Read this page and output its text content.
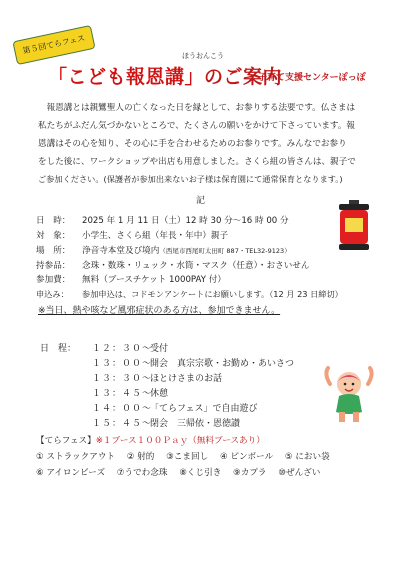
第５回てらフェス
ほうおんこう
「こども報恩講」のご案内
子育て支援センターぽっぽ
　報恩講とは親鸞聖人の亡くなった日を縁として、お参りする法要です。仏さまは
私たちがふだん気づかないところで、たくさんの願いをかけて下さっています。報
恩講はその心を知り、その心に手を合わせるためのお参りです。みんなでお参り
をした後に、ワークショップや出店も用意しました。さくら組の皆さんは、親子で
ご参加ください。(保護者が参加出来ないお子様は保育園にて通常保育となります。)
記
日　時： 2025 年 1 月 11 日（土）12 時 30 分～16 時 00 分
対　象： 小学生、さくら組（年長・年中）親子
場　所： 浄音寺本堂及び境内（西尾市西尾町太田町 887・TEL32-9123）
持参品： 念珠・数珠・リュック・水筒・マスク（任意）・おさいせん
参加費： 無料（ブースチケット 1000PAY 付）
申込み： 参加申込は、コドモンアンケートにお願いします。（12 月 23 日締切）
※当日、熱や咳など風邪症状のある方は、参加できません。
日　程： １２：３０～受付
１３：００～開会　真宗宗歌・お勤め・あいさつ
１３：３０～ほとけさまのお話
１３：４５～休憩
１４：００～「てらフェス」で自由遊び
１５：４５～閉会　三帰依・恩徳讃
【てらフェス】※１ブース１００Ｐａｙ（無料ブースあり）
① ストラックアウト ② 射的 ③こま回し ④ ピンボール ⑤ におい袋
⑥ アイロンビーズ ⑦うでわ念珠 ⑧くじ引き ⑨カプラ ⑩ぜんざい
